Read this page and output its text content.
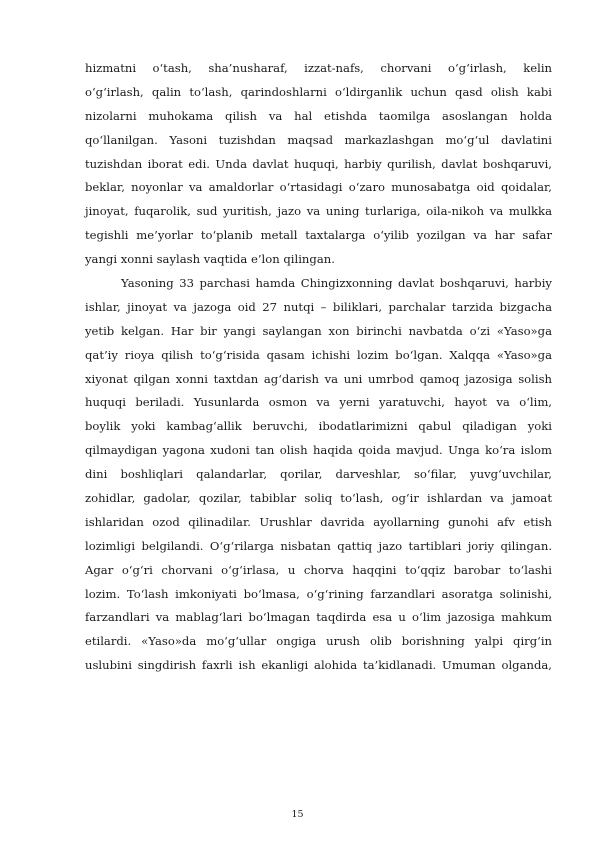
hizmatni o‘tash, sha’nusharaf, izzat-nafs, chorvani o‘g‘irlash, kelin
o‘g‘irlash, qalin to‘lash, qarindoshlarni o‘ldirganlik uchun qasd olish kabi
nizolarni muhokama qilish va hal etishda taomilga asoslangan holda
qo‘llanilgan. Yasoni tuzishdan maqsad markazlashgan mo‘g‘ul davlatini
tuzishdan iborat edi. Unda davlat huquqi, harbiy qurilish, davlat boshqaruvi,
beklar, noyonlar va amaldorlar o‘rtasidagi o‘zaro munosabatga oid qoidalar,
jinoyat, fuqarolik, sud yuritish, jazo va uning turlariga, oila-nikoh va mulkka
tegishli me’yorlar to‘planib metall taxtalarga o‘yilib yozilgan va har safar
yangi xonni saylash vaqtida e’lon qilingan.
Yasoning 33 parchasi hamda Chingizxonning davlat boshqaruvi, harbiy
ishlar, jinoyat va jazoga oid 27 nutqi – biliklari, parchalar tarzida bizgacha
yetib kelgan. Har bir yangi saylangan xon birinchi navbatda o‘zi «Yaso»ga
qat’iy rioya qilish to‘g‘risida qasam ichishi lozim bo‘lgan. Xalqqa «Yaso»ga
xiyonat qilgan xonni taxtdan ag‘darish va uni umrbod qamoq jazosiga solish
huquqi beriladi. Yusunlarda osmon va yerni yaratuvchi, hayot va o‘lim,
boylik yoki kambag‘allik beruvchi, ibodatlarimizni qabul qiladigan yoki
qilmaydigan yagona xudoni tan olish haqida qoida mavjud. Unga ko‘ra islom
dini boshliqlari qalandarlar, qorilar, darveshlar, so‘filar, yuvg‘uvchilar,
zohidlar, gadolar, qozilar, tabiblar soliq to‘lash, og‘ir ishlardan va jamoat
ishlaridan ozod qilinadilar. Urushlar davrida ayollarning gunohi afv etish
lozimligi belgilandi. O‘g‘rilarga nisbatan qattiq jazo tartiblari joriy qilingan.
Agar o‘g‘ri chorvani o‘g‘irlasa, u chorva haqqini to‘qqiz barobar to‘lashi
lozim. To‘lash imkoniyati bo‘lmasa, o‘g‘rining farzandlari asoratga solinishi,
farzandlari va mablag‘lari bo‘lmagan taqdirda esa u o‘lim jazosiga mahkum
etilardi. «Yaso»da mo‘g‘ullar ongiga urush olib borishning yalpi qirg‘in
uslubini singdirish faxrli ish ekanligi alohida ta’kidlanadi. Umuman olganda,
15
